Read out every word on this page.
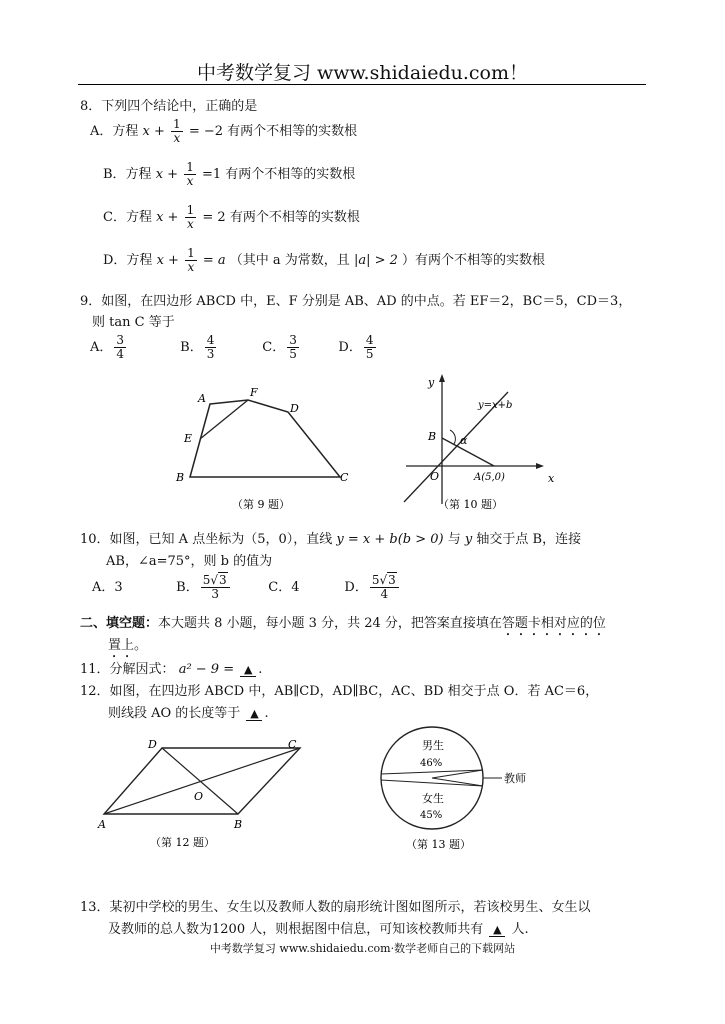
中考数学复习 www.shidaiedu.com！
8．下列四个结论中，正确的是
A．方程 $x + \frac{1}{x} = -2$ 有两个不相等的实数根
B．方程 $x + \frac{1}{x} =1$ 有两个不相等的实数根
C．方程 $x + \frac{1}{x} = 2$ 有两个不相等的实数根
D．方程 $x + \frac{1}{x} = a$ （其中 a 为常数，且 |a| > 2 ）有两个不相等的实数根
9．如图，在四边形 ABCD 中，E、F 分别是 AB、AD 的中点。若 EF＝2，BC＝5，CD＝3，
则 tan C 等于
A． $\frac{3}{4}$	B． $\frac{4}{3}$	C． $\frac{3}{5}$	D． $\frac{4}{5}$
A	F
D
E
B	C
（第 9 题）
y
x
y=x+b
B α
O	A(5,0)
（第 10 题）
10．如图，已知 A 点坐标为（5，0），直线 y = x + b(b > 0) 与 y 轴交于点 B，连接
AB，∠a=75°，则 b 的值为
A．3	B． $\frac{5√3}{3}$	C．4	D． $\frac{5√3}{4}$
二、填空题：本大题共 8 小题，每小题 3 分，共 24 分，把答案直接填在答题卡相对应的位
置上。
11．分解因式： a² − 9 = ▲ .
12．如图，在四边形 ABCD 中，AB∥CD，AD∥BC，AC、BD 相交于点 O．若 AC＝6，
则线段 AO 的长度等于 ▲ .
D	C
O
A	B
（第 12 题）
男生
46%
女生
45%
教师
（第 13 题）
13．某初中学校的男生、女生以及教师人数的扇形统计图如图所示，若该校男生、女生以
及教师的总人数为1200 人，则根据图中信息，可知该校教师共有 ▲ 人.
中考数学复习 www.shidaiedu.com·数学老师自己的下载网站
